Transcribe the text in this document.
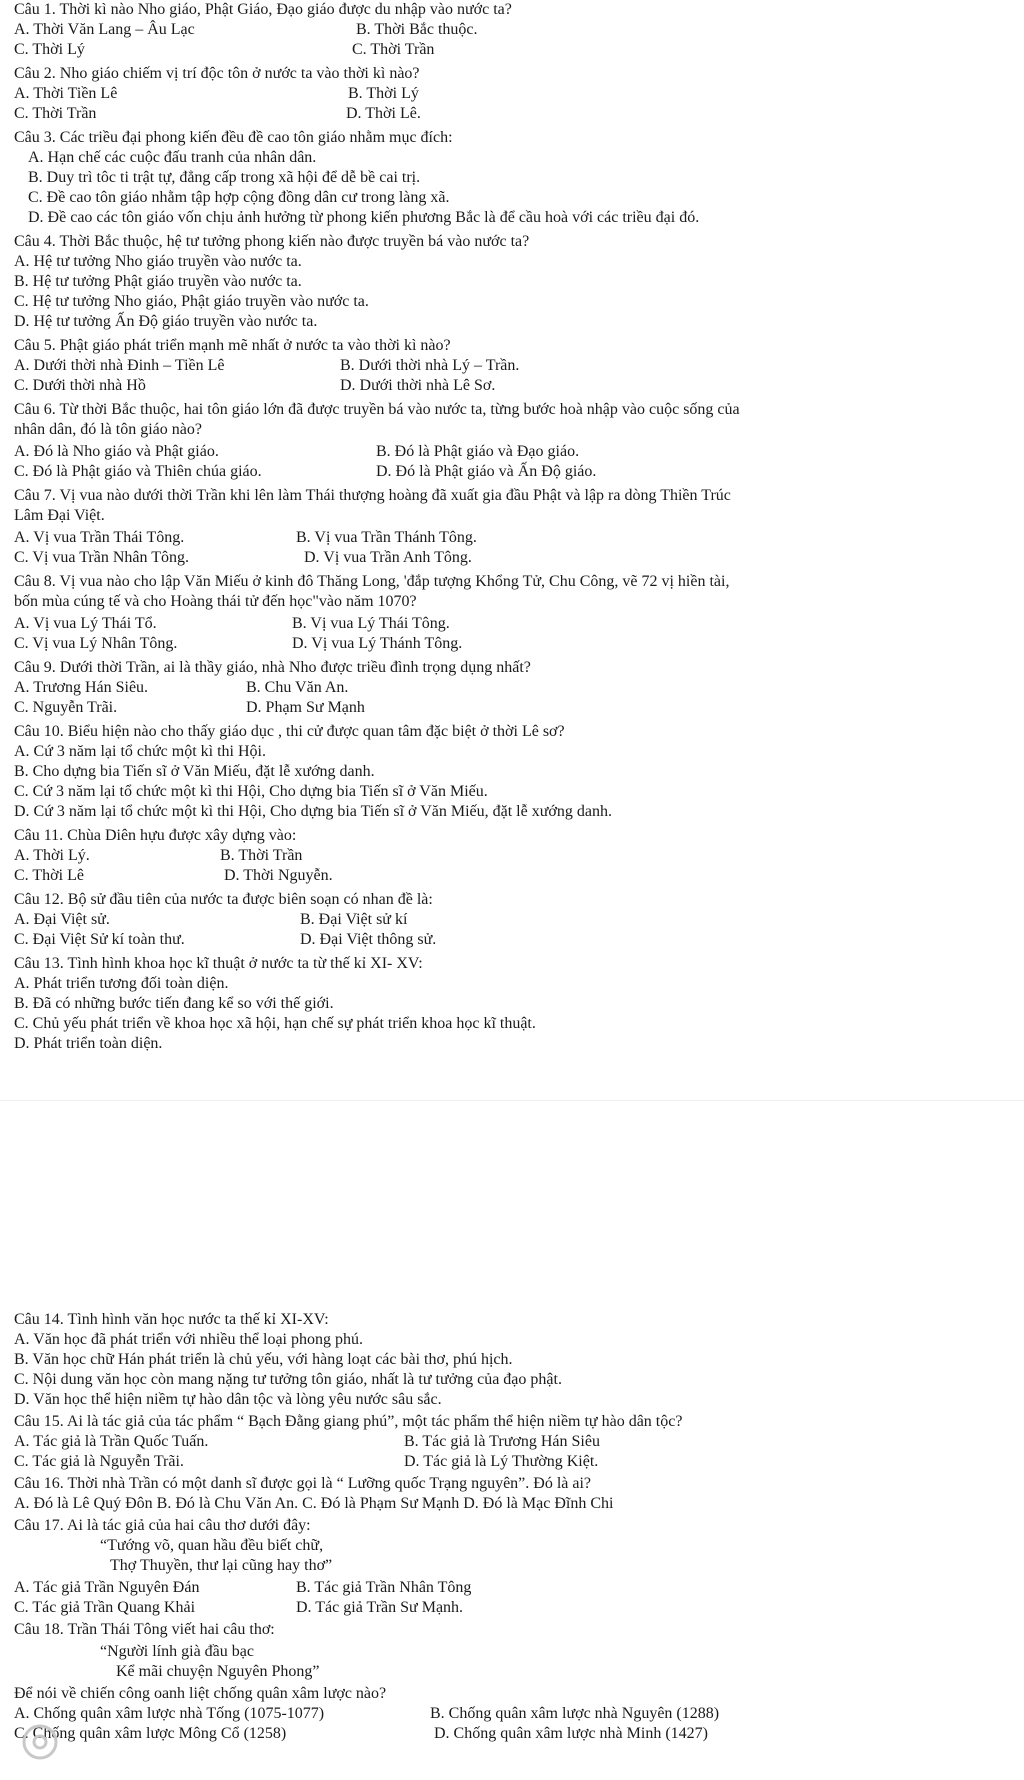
Câu 1. Thời kì nào Nho giáo, Phật Giáo, Đạo giáo được du nhập vào nước ta?
A. Thời Văn Lang – Âu Lạc	B. Thời Bắc thuộc.
C. Thời Lý	C. Thời Trần
Câu 2. Nho giáo chiếm vị trí độc tôn ở nước ta vào thời kì nào?
A. Thời Tiền Lê	B. Thời Lý
C. Thời Trần	D. Thời Lê.
Câu 3. Các triều đại phong kiến đều đề cao tôn giáo nhằm mục đích:
A. Hạn chế các cuộc đấu tranh của nhân dân.
B. Duy trì tôc ti trật tự, đẳng cấp trong xã hội để dễ bề cai trị.
C. Đề cao tôn giáo nhằm tập hợp cộng đồng dân cư trong làng xã.
D. Đề cao các tôn giáo vốn chịu ảnh hưởng từ phong kiến phương Bắc là để cầu hoà với các triều đại đó.
Câu 4. Thời Bắc thuộc, hệ tư tưởng phong kiến nào được truyền bá vào nước ta?
A. Hệ tư tưởng Nho giáo truyền vào nước ta.
B. Hệ tư tưởng Phật giáo truyền vào nước ta.
C. Hệ tư tưởng Nho giáo, Phật giáo truyền vào nước ta.
D. Hệ tư tưởng Ấn Độ giáo truyền vào nước ta.
Câu 5. Phật giáo phát triển mạnh mẽ nhất ở nước ta vào thời kì nào?
A. Dưới thời nhà Đinh – Tiền Lê	B. Dưới thời nhà Lý – Trần.
C. Dưới thời nhà Hồ	D. Dưới thời nhà Lê Sơ.
Câu 6. Từ thời Bắc thuộc, hai tôn giáo lớn đã được truyền bá vào nước ta, từng bước hoà nhập vào cuộc sống của
nhân dân, đó là tôn giáo nào?
A. Đó là Nho giáo và Phật giáo.	B. Đó là Phật giáo và Đạo giáo.
C. Đó là Phật giáo và Thiên chúa giáo.	D. Đó là Phật giáo và Ấn Độ giáo.
Câu 7. Vị vua nào dưới thời Trần khi lên làm Thái thượng hoàng đã xuất gia đầu Phật và lập ra dòng Thiền Trúc
Lâm Đại Việt.
A. Vị vua Trần Thái Tông.	B. Vị vua Trần Thánh Tông.
C. Vị vua Trần Nhân Tông.	D. Vị vua Trần Anh Tông.
Câu 8. Vị vua nào cho lập Văn Miếu ở kinh đô Thăng Long, 'đắp tượng Khổng Tử, Chu Công, vẽ 72 vị hiền tài,
bốn mùa cúng tế và cho Hoàng thái tử đến học"vào năm 1070?
A. Vị vua Lý Thái Tổ.	B. Vị vua Lý Thái Tông.
C. Vị vua Lý Nhân Tông.	D. Vị vua Lý Thánh Tông.
Câu 9. Dưới thời Trần, ai là thầy giáo, nhà Nho được triều đình trọng dụng nhất?
A. Trương Hán Siêu.	B. Chu Văn An.
C. Nguyễn Trãi.	D. Phạm Sư Mạnh
Câu 10. Biểu hiện nào cho thấy giáo dục , thi cử được quan tâm đặc biệt ở thời Lê sơ?
A. Cứ 3 năm lại tổ chức một kì thi Hội.
B. Cho dựng bia Tiến sĩ ở Văn Miếu, đặt lễ xướng danh.
C. Cứ 3 năm lại tổ chức một kì thi Hội, Cho dựng bia Tiến sĩ ở Văn Miếu.
D. Cứ 3 năm lại tổ chức một kì thi Hội, Cho dựng bia Tiến sĩ ở Văn Miếu, đặt lễ xướng danh.
Câu 11. Chùa Diên hựu được xây dựng vào:
A. Thời Lý.	B. Thời Trần
C. Thời Lê	D. Thời Nguyễn.
Câu 12. Bộ sử đầu tiên của nước ta được biên soạn có nhan đề là:
A. Đại Việt sử.	B. Đại Việt sử kí
C. Đại Việt Sử kí toàn thư.	D. Đại Việt thông sử.
Câu 13. Tình hình khoa học kĩ thuật ở nước ta từ thế kỉ XI- XV:
A. Phát triển tương đối toàn diện.
B. Đã có những bước tiến đang kể so với thế giới.
C. Chủ yếu phát triển về khoa học xã hội, hạn chế sự phát triển khoa học kĩ thuật.
D. Phát triển toàn diện.
Câu 14. Tình hình văn học nước ta thế kỉ XI-XV:
A. Văn học đã phát triển với nhiều thể loại phong phú.
B. Văn học chữ Hán phát triển là chủ yếu, với hàng loạt các bài thơ, phú hịch.
C. Nội dung văn học còn mang nặng tư tưởng tôn giáo, nhất là tư tưởng của đạo phật.
D. Văn học thể hiện niềm tự hào dân tộc và lòng yêu nước sâu sắc.
Câu 15. Ai là tác giả của tác phẩm “ Bạch Đằng giang phú”, một tác phẩm thể hiện niềm tự hào dân tộc?
A. Tác giả là Trần Quốc Tuấn.	B. Tác giả là Trương Hán Siêu
C. Tác giả là Nguyễn Trãi.	D. Tác giả là Lý Thường Kiệt.
Câu 16. Thời nhà Trần có một danh sĩ được gọi là “ Lưỡng quốc Trạng nguyên”. Đó là ai?
A. Đó là Lê Quý Đôn B. Đó là Chu Văn An. C. Đó là Phạm Sư Mạnh D. Đó là Mạc Đĩnh Chi
Câu 17. Ai là tác giả của hai câu thơ dưới đây:
“Tướng võ, quan hầu đều biết chữ,
Thợ Thuyền, thư lại cũng hay thơ”
A. Tác giả Trần Nguyên Đán	B. Tác giả Trần Nhân Tông
C. Tác giả Trần Quang Khải	D. Tác giả Trần Sư Mạnh.
Câu 18. Trần Thái Tông viết hai câu thơ:
“Người lính già đầu bạc
Kể mãi chuyện Nguyên Phong”
Để nói về chiến công oanh liệt chống quân xâm lược nào?
A. Chống quân xâm lược nhà Tống (1075-1077)	B. Chống quân xâm lược nhà Nguyên (1288)
C. Chống quân xâm lược Mông Cổ (1258)	D. Chống quân xâm lược nhà Minh (1427)
